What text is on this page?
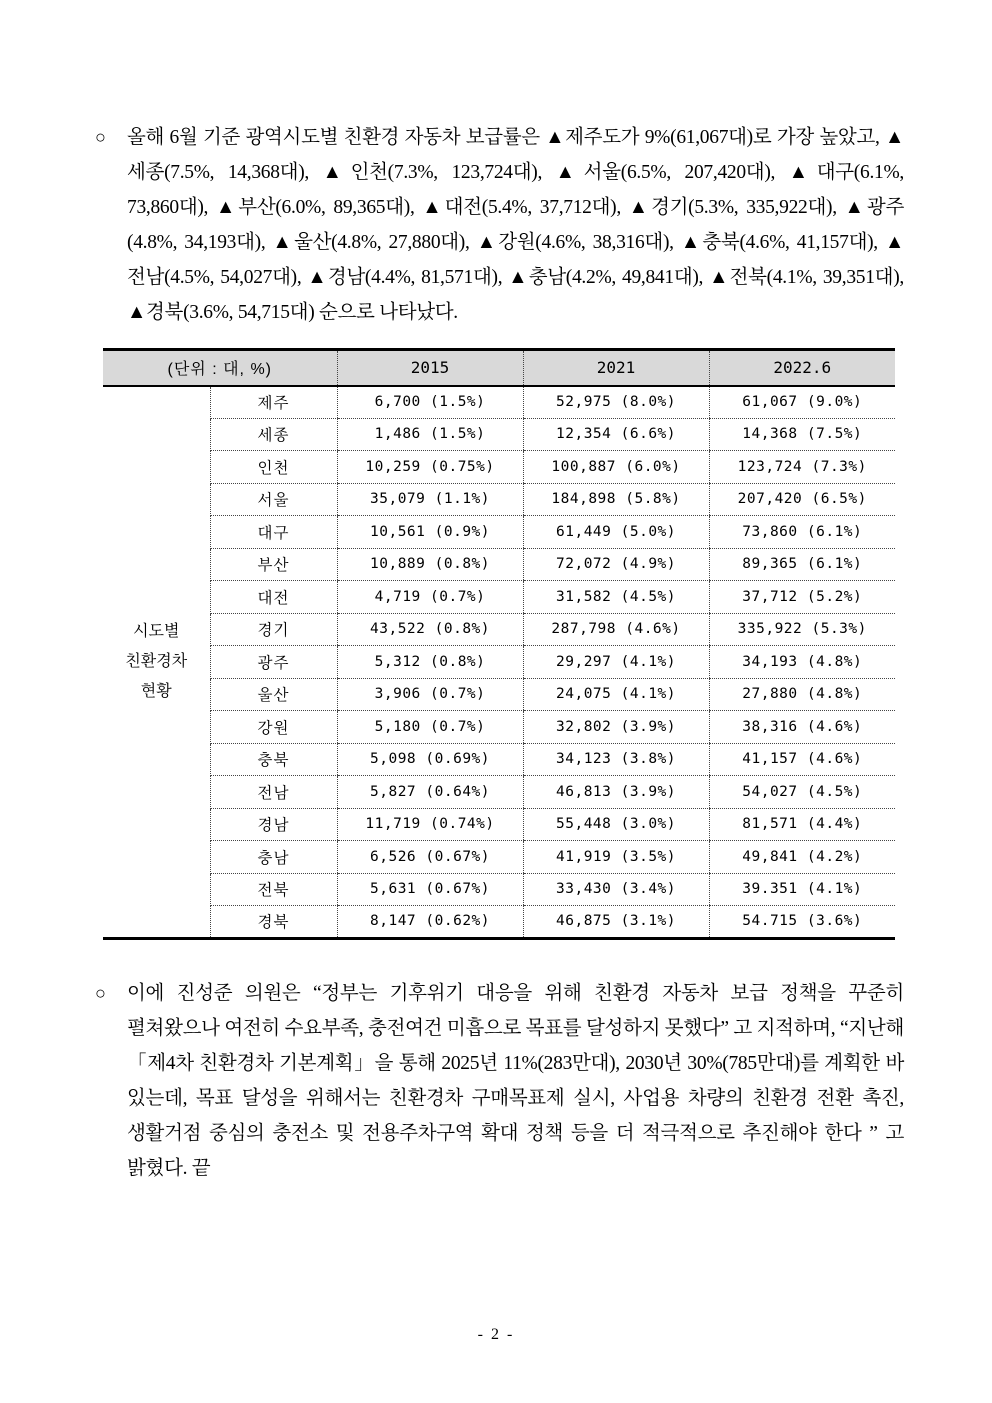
○	올해 6월 기준 광역시도별 친환경 자동차 보급률은 ▲제주도가 9%(61,067대)로 가장 높았고, ▲세종(7.5%, 14,368대), ▲인천(7.3%, 123,724대), ▲서울(6.5%, 207,420대), ▲대구(6.1%, 73,860대), ▲부산(6.0%, 89,365대), ▲대전(5.4%, 37,712대), ▲경기(5.3%, 335,922대), ▲광주(4.8%, 34,193대), ▲울산(4.8%, 27,880대), ▲강원(4.6%, 38,316대), ▲충북(4.6%, 41,157대), ▲전남(4.5%, 54,027대), ▲경남(4.4%, 81,571대), ▲충남(4.2%, 49,841대), ▲전북(4.1%, 39,351대), ▲경북(3.6%, 54,715대) 순으로 나타났다.
(단위 : 대, %)		2015	2021	2022.6
시도별 친환경차 현황	제주	6,700 (1.5%)	52,975 (8.0%)	61,067 (9.0%)
	세종	1,486 (1.5%)	12,354 (6.6%)	14,368 (7.5%)
	인천	10,259 (0.75%)	100,887 (6.0%)	123,724 (7.3%)
	서울	35,079 (1.1%)	184,898 (5.8%)	207,420 (6.5%)
	대구	10,561 (0.9%)	61,449 (5.0%)	73,860 (6.1%)
	부산	10,889 (0.8%)	72,072 (4.9%)	89,365 (6.1%)
	대전	4,719 (0.7%)	31,582 (4.5%)	37,712 (5.2%)
	경기	43,522 (0.8%)	287,798 (4.6%)	335,922 (5.3%)
	광주	5,312 (0.8%)	29,297 (4.1%)	34,193 (4.8%)
	울산	3,906 (0.7%)	24,075 (4.1%)	27,880 (4.8%)
	강원	5,180 (0.7%)	32,802 (3.9%)	38,316 (4.6%)
	충북	5,098 (0.69%)	34,123 (3.8%)	41,157 (4.6%)
	전남	5,827 (0.64%)	46,813 (3.9%)	54,027 (4.5%)
	경남	11,719 (0.74%)	55,448 (3.0%)	81,571 (4.4%)
	충남	6,526 (0.67%)	41,919 (3.5%)	49,841 (4.2%)
	전북	5,631 (0.67%)	33,430 (3.4%)	39.351 (4.1%)
	경북	8,147 (0.62%)	46,875 (3.1%)	54.715 (3.6%)
○	이에 진성준 의원은 “정부는 기후위기 대응을 위해 친환경 자동차 보급 정책을 꾸준히 펼쳐왔으나 여전히 수요부족, 충전여건 미흡으로 목표를 달성하지 못했다” 고 지적하며, “지난해 「제4차 친환경차 기본계획」을 통해 2025년 11%(283만대), 2030년 30%(785만대)를 계획한 바 있는데, 목표 달성을 위해서는 친환경차 구매목표제 실시, 사업용 차량의 친환경 전환 촉진, 생활거점 중심의 충전소 및 전용주차구역 확대 정책 등을 더 적극적으로 추진해야 한다 ” 고 밝혔다. 끝
- 2 -
